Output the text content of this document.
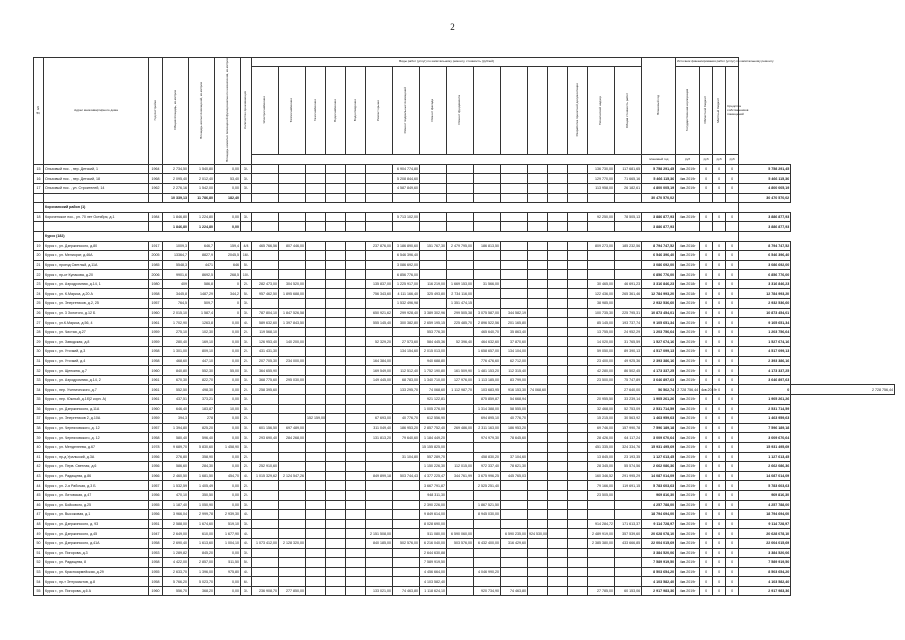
2
№ п/п	Адрес многоквартирного дома	Год постройки	Общая площадь, кв.метров	Площадь жилых помещений, кв.метров	Площадь нежилых помещений функционального назначения, кв.метров	Количество проживающих	Виды работ (услуг) по капитальному ремонту, стоимость (рублей)																Плановый год	Источник финансирования работ (услуг) по капитальному ремонту					
							Электроснабжение	Теплоснабжение	Газоснабжение	Водоснабжение	Водоотведение	Ремонт крыши	Ремонт подвальных помещений	Ремонт фасада	Ремонт фундамента					Разработка проектной документации	Технический надзор	Общая стоимость работ		Государственная корпорация	Областной бюджет	Местный бюджет	Средства собственников помещений		
																							плановый год	руб	руб	руб	руб		
15	Ольховый пос. , пер. Детский, 1	1964	2 734,50	1 540,80	0,00	3/-							6 904 774,80								136 730,00	117 681,65	5 758 291,45	4кв.2019г	0	0	0	5 758 291,45	
16	Ольховый пос. , пер. Детский, 18	1968	2 095,40	2 012,40	53,40	3/-							5 208 844,60								129 770,00	71 665,16	5 466 115,36	4кв.2019г	0	0	0	5 466 115,36	
17	Ольховый пос. , ул. Строителей, 14	1962	2 276,16	1 542,00	0,00	3/-							4 587 849,60								113 958,00	26 182,61	4 800 005,19	4кв.2019г	0	0	0	4 800 005,19	
			10 339,13	11 786,80	182,40																		30 470 570,02					30 470 570,02	
	Корочанский район (1)																												
18	Короченское пос., ул. 70 лет Октября, д.1	1984	1 846,80	1 224,80	0,00	3/-							5 713 102,00								92 250,00	78 505,13	3 886 877,93	4кв.2019г	0	0	0	3 886 877,93	
			1 846,80	1 224,80	0,00																		3 886 877,93					3 886 877,93	
	Курск (182)																												
19	Курск г., ул. Дзержинского, д.80	1917	1009,3	646,7	159,4	4/4	465 766,56	807 446,00				237 876,00	3 186 890,60	151 767,30	2 479 795,00	186 813,50					809 273,00	185 232,56	8 794 747,52	4кв.2016г	0	0	0	8 794 747,52	
20	Курск г., ул. Мелиорат, д.46А	2005	13364,7	8827,9	2045,5	16/-							6 546 396,40										6 546 396,40	4кв.2019г	0	0	0	6 546 396,40	
21	Курск г., проезд Светлый, д.11А	1985	5548,3	4471	646	5/-							3 086 692,00										3 086 692,00	4кв.2019г	0	0	0	3 086 692,00	
22	Курск г., пр-кт Кулакова, д.20	2006	9901,6	8692,5	268,5	10/-							6 856 776,00										6 856 776,00	4кв.2019г	0	0	0	6 856 776,00	
23	Курск г., ул. Аэродромная, д.14, 1	1980	409	586,8	0	2/-	282 473,00	304 520,00				135 837,00	1 225 917,00	116 219,00	1 669 153,00	31 566,00					30 465,00	46 691,23	3 316 846,23	4кв.2018г	0	0	0	3 316 846,23	
24	Курск г., ул. К.Маркса, д.20 А	1958	3445,8	1487,29	344,2	5/-	957 462,50	1 895 688,00				756 343,60	4 111 166,40	325 493,80	2 734 116,00						122 436,00	265 361,46	12 784 993,20	4кв.2018г	0	0	0	12 784 993,20	
25	Курск г., ул. Энергетиков, д.2, 25	1957	764,5	509,7	0	3/-							1 532 496,98		1 351 474,15						38 985,00		2 932 536,60	4кв.2019г	0	0	0	2 932 536,60	
26	Курск г., ул. 3 Золотого, д.12 Б	1960	2 015,10	1 587,4	0	3/-	787 804,10	1 847 526,58				650 921,62	299 928,40	3 389 302,96	299 505,38	3 075 587,00	344 582,19				100 735,30	225 795,31	10 873 454,01	4кв.2019г	0	0	0	10 873 454,01	
27	Курск г., ул.К.Маркса, д.56, 4	1961	1 702,90	1263,8	0,00	4/-	589 632,60	1 397 843,50				555 145,40	300 382,80	2 659 195,15	225 485,70	2 896 522,56	201 165,80				85 145,00	193 737,74	9 105 651,34	4кв.2019г	0	0	0	9 105 651,34	
28	Курск г., ул. Чистая, д.27	1959	275,10	102,30	0,00	2/-	119 568,10							553 776,30		465 640,70	35 863,40				13 755,00	24 952,29	1 203 756,64	4кв.2019г	0	0	0	1 203 756,64	
29	Курск г., ул. Заводская, д.8	1959	280,40	169,10	0,00	3/-	126 953,40	140 200,00				52 329,20	27 573,60	584 445,36	52 396,40	464 632,60	37 870,60				14 020,00	31 765,59	1 527 674,16	4кв.2019г	0	0	0	1 527 674,16	
30	Курск г., ул. Уточкий, д.3	1958	1 301,00	809,10	0,00	2/-	431 431,30						134 154,60	2 015 013,00		1 658 657,00	134 104,00				59 050,00	89 390,13	4 517 099,13	4кв.2019г	0	0	0	4 517 099,13	
31	Курск г., ул. Уточкий, д.4	1958	468,60	447,10	0,00	2/-	207 705,30	234 000,00				164 384,00		940 688,80		776 476,60	62 712,00				23 400,00	49 925,36	2 393 386,16	4кв.2019г	0	0	0	2 393 386,16	
32	Курск г., ул. Щепкина, д.7	1960	840,80	552,30	55,00	3/-	364 655,90					169 549,00	112 512,40	1 752 190,80	161 509,90	1 481 153,20	112 315,40				42 280,00	86 502,45	4 173 337,25	4кв.2019г	0	0	0	4 173 337,25	
33	Курск г., ул. Аэродромная, д.14, 2	1961	670,30	822,70	0,00	3/-	368 775,60	295 030,00				149 445,00	68 783,00	1 340 710,00	127 976,00	1 113 185,00	83 799,00				23 500,00	75 747,89	3 646 897,63	4кв.2019г	0	0	0	3 646 897,63	
34	Курск г., пер. Ученического, д.7	1961	552,50	498,30	0,00	2/-	258 395,60						133 295,70	74 068,60	1 112 987,70	103 683,95	916 153,30	74 068,60				27 640,00	56 562,74	2 728 756,44	4кв.2019г	0	0	0	2 728 756,44
35	Курск г., пер. Южный, д.1б(2 корп. А)	1961	437,51	373,21	0,00	3/-								921 122,81		875 859,87	54 668,94				20 955,50	33 239,14	1 905 261,26	4кв.2019г	0	0	0	1 905 261,26	
36	Курск г., ул. Дзержинского, д.11А	1960	646,40	183,87	10,00	3/-								1 005 276,00		1 314 388,00	58 555,00				32 468,00	52 753,09	2 531 714,59	4кв.2019г	0	0	0	2 531 714,59	
37	Курск г., ул. Энергетиков 2, д.10А	1959	394,3	278	0,00	2/-			152 159,00			67 693,00	40 776,70	612 556,90		694 895,10	40 776,70				15 215,00	30 563,92	1 463 959,63	4кв.2019г	0	0	0	1 463 959,63	
38	Курск г., ул. Черняховского, д. 12	1957	1 394,80	825,20	0,00	3/-	601 156,50	697 489,00				311 049,40	186 953,20	2 857 752,40	269 486,00	2 311 163,00	186 953,20				69 746,00	157 990,78	7 596 189,18	4кв.2019г	0	0	0	7 596 189,18	
39	Курск г., ул. Черняховского, д. 12	1958	580,40	596,40	0,00	3/-	293 690,40	284 268,00				131 813,20	79 640,60	1 184 449,20		974 979,30	78 645,60				28 426,00	64 117,24	3 009 670,64	4кв.2019г	0	0	0	3 009 670,64	
40	Курск г., ул. Менделеева, д.67	1978	9 689,70	5 830,60	1 458,90	3/-								15 155 825,00							451 335,00	324 334,76	15 931 495,69	4кв.2019г	0	0	0	15 931 495,69	
41	Курск г., пр-д Уральский, д.3А	1956	276,80	358,90	0,00	2/-							31 104,80	557 289,70		458 830,20	37 104,60				13 845,00	23 193,35	1 127 613,45	4кв.2019г	0	0	0	1 127 613,45	
42	Курск г., ул. Перв. Светлая, д.6	1956	586,60	284,30	0,00	2/-	252 910,60							1 150 226,30	112 015,00	972 337,40	78 621,30				28 345,00	55 574,56	2 662 086,36	4кв.2019г	0	0	0	2 662 086,36	
43	Курск г., ул. Радищева, д.86	1966	2 460,50	1 681,50	454,70	4/-	1 015 329,62	2 124 547,26				849 899,18	503 744,43	4 377 225,47	344 761,99	3 675 996,25	445 765,03				160 346,52	291 995,29	14 087 014,09	4кв.2019г	0	0	0	14 087 014,09	
44	Курск г., ул. 2-я Рабочая, д.3 Б	1957	1 532,59	1 405,49	0,00	2/-								3 667 791,87		2 525 251,40					79 166,00	119 691,15	5 783 603,63	4кв.2019г	0	0	0	5 783 603,63	
45	Курск г., ул. Литовская, д.47	1956	470,10	350,50	0,00	2/-								948 311,30							23 505,00		969 816,30	4кв.2019г	0	0	0	969 816,30	
46	Курск г., ул. Бойкового, д.25	1955	1 187,40	1 050,90	0,00	3/-								2 390 226,00		1 867 521,50							4 257 788,00	4кв.2019г	0	0	0	4 257 788,00	
47	Курск г., ул. Высоковая, д.1	1956	3 966,04	2 999,78	2 939,30	4/-								9 849 614,00		8 945 030,00							18 794 694,00	4кв.2019г	0	0	0	18 794 694,00	
48	Курск г., ул. Дзержинского, д. 93	1951	2 588,00	1 674,60	519,10	3/-								8 028 690,00							914 284,72	171 613,37	9 114 728,97	4кв.2019г	0	0	0	9 114 728,97	
49	Курск г., ул. Дзержинского, д.45	1947	2 649,00	610,00	1 677,90	4/-						2 151 508,00		511 080,00	6 590 060,00		6 590 235,00	924 530,00			2 489 919,00	357 539,60	20 628 078,10	4кв.2019г	0	0	0	20 628 078,10	
50	Курск г., ул. Дзержинского, д.41А	1958	2 690,40	1 613,60	1 004,10	4/-	1 073 412,00	2 128 320,00				840 185,00	502 576,00	6 216 040,00	503 576,00	6 432 400,00	316 429,60				2 385 380,00	433 666,85	22 004 015,69	4кв.2019г	0	0	0	22 004 015,69	
51	Курск г., ул. Пигорова, д.3	1953	1 289,82	845,20	0,00	3/-								2 644 630,88									3 384 520,06	4кв.2019г	0	0	0	3 384 520,06	
52	Курск г., ул. Радищева, 8	1958	4 422,00	2 857,00	511,50	5/-								7 589 919,50									7 589 919,50	4кв.2019г	0	0	0	7 589 919,50	
53	Курск г., ул. Красноармейская, д.29	1955	2 633,70	1 396,00	975,80	4/-								4 456 664,00		4 046 990,20							8 503 654,20	4кв.2019г	0	0	0	8 503 654,20	
54	Курск г., пр-т Энтузиастов, д.8	1958	5 766,20	5 023,70	0,00	6/-								4 103 582,40									4 103 582,40	4кв.2019г	0	0	0	4 103 582,40	
55	Курск г., ул. Пигорова, д.6 А	1960	556,70	368,20	0,00	3/-	236 908,70	277 850,00				133 021,00	74 463,80	1 118 624,10		920 734,90	74 463,80				27 785,00	60 153,06	2 917 983,36	4кв.2019г	0	0	0	2 917 983,36	
